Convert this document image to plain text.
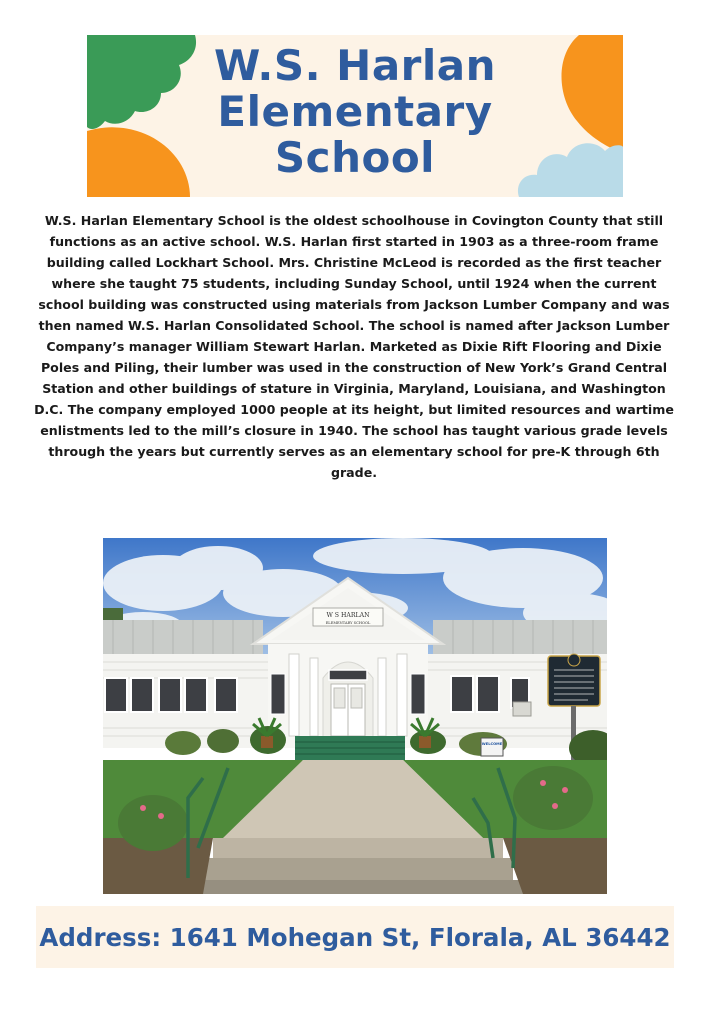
W.S. Harlan
Elementary
School

W.S. Harlan Elementary School is the oldest schoolhouse in Covington County that still functions as an active school. W.S. Harlan first started in 1903 as a three-room frame building called Lockhart School. Mrs. Christine McLeod is recorded as the first teacher where she taught 75 students, including Sunday School, until 1924 when the current school building was constructed using materials from Jackson Lumber Company and was then named W.S. Harlan Consolidated School. The school is named after Jackson Lumber Company’s manager William Stewart Harlan. Marketed as Dixie Rift Flooring and Dixie Poles and Piling, their lumber was used in the construction of New York’s Grand Central Station and other buildings of stature in Virginia, Maryland, Louisiana, and Washington D.C. The company employed 1000 people at its height, but limited resources and wartime enlistments led to the mill’s closure in 1940. The school has taught various grade levels through the years but currently serves as an elementary school for pre-K through 6th grade.

W S HARLAN
ELEMENTARY SCHOOL
WELCOME
Address: 1641 Mohegan St, Florala, AL 36442
